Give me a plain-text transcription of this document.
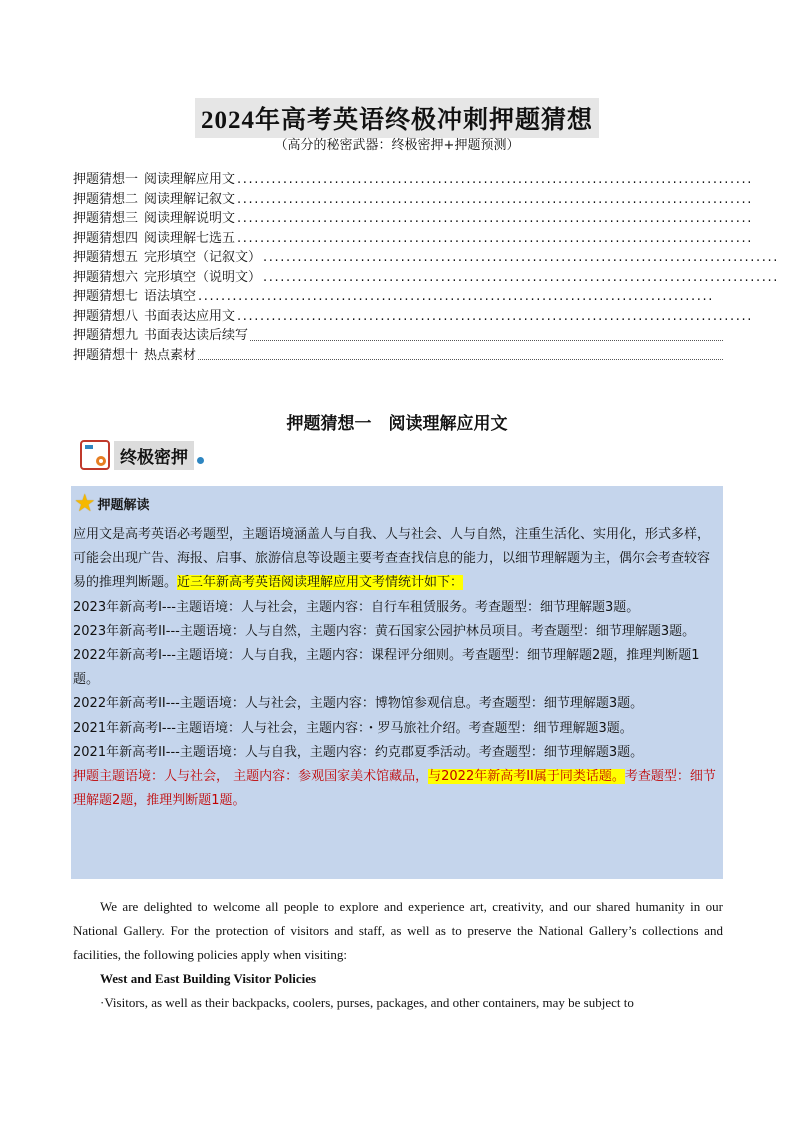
2024年高考英语终极冲刺押题猜想
（高分的秘密武器：终极密押+押题预测）
押题猜想一 阅读理解应用文 ..........................................................................................
押题猜想二 阅读理解记叙文 ..........................................................................................
押题猜想三 阅读理解说明文 ..........................................................................................
押题猜想四 阅读理解七选五 ..........................................................................................
押题猜想五 完形填空（记叙文） ..........................................................................................
押题猜想六 完形填空（说明文） ..........................................................................................
押题猜想七 语法填空 ..........................................................................................
押题猜想八 书面表达应用文 ..........................................................................................
押题猜想九 书面表达读后续写
押题猜想十 热点素材
押题猜想一　阅读理解应用文
终极密押
★ 押题解读

应用文是高考英语必考题型，主题语境涵盖人与自我、人与社会、人与自然，注重生活化、实用化，形式多样，可能会出现广告、海报、启事、旅游信息等设题主要考查查找信息的能力，以细节理解题为主，偶尔会考查较容易的推理判断题。近三年新高考英语阅读理解应用文考情统计如下：

2023年新高考I---主题语境：人与社会，主题内容：自行车租赁服务。考查题型：细节理解题3题。

2023年新高考II---主题语境：人与自然，主题内容：黄石国家公园护林员项目。考查题型：细节理解题3题。

2022年新高考I---主题语境：人与自我，主题内容：课程评分细则。考查题型：细节理解题2题，推理判断题1题。

2022年新高考II---主题语境：人与社会，主题内容：博物馆参观信息。考查题型：细节理解题3题。

2021年新高考I---主题语境：人与社会，主题内容：・罗马旅社介绍。考查题型：细节理解题3题。

2021年新高考II---主题语境：人与自我，主题内容：约克郡夏季活动。考查题型：细节理解题3题。

押题主题语境：人与社会， 主题内容：参观国家美术馆藏品，与2022年新高考II属于同类话题。考查题型：细节理解题2题，推理判断题1题。

We are delighted to welcome all people to explore and experience art, creativity, and our shared humanity in our National Gallery. For the protection of visitors and staff, as well as to preserve the National Gallery’s collections and facilities, the following policies apply when visiting:

West and East Building Visitor Policies

·Visitors, as well as their backpacks, coolers, purses, packages, and other containers, may be subject to
